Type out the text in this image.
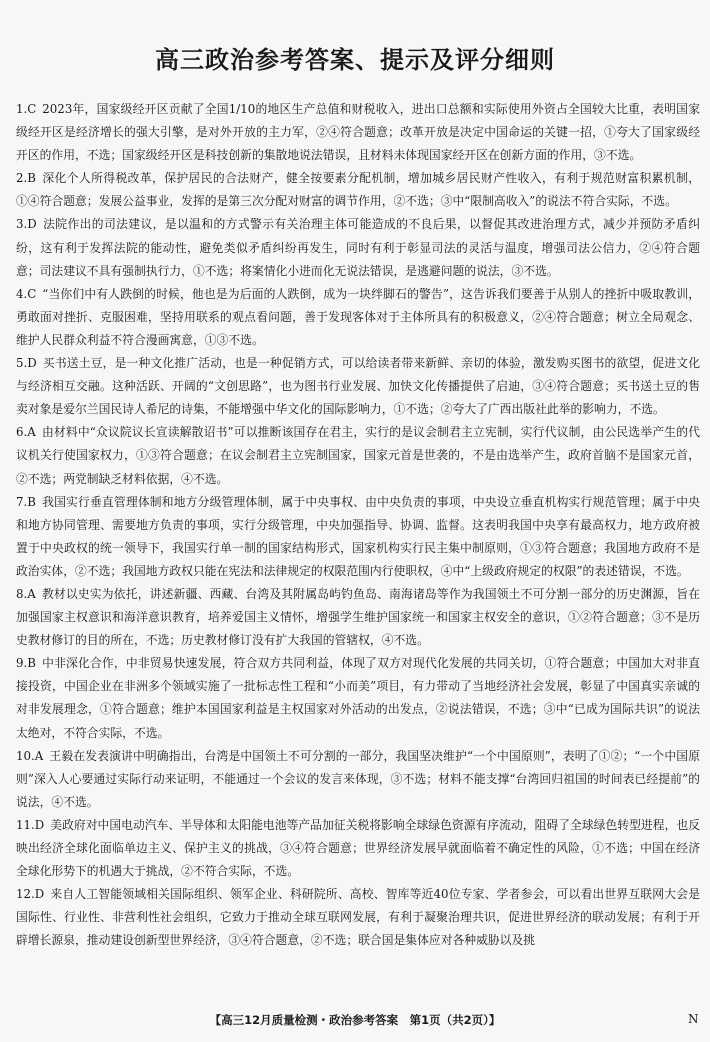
高三政治参考答案、提示及评分细则

1.C 2023年，国家级经开区贡献了全国1/10的地区生产总值和财税收入，进出口总额和实际使用外资占全国较大比重，表明国家级经开区是经济增长的强大引擎，是对外开放的主力军，②④符合题意；改革开放是决定中国命运的关键一招，①夸大了国家级经开区的作用，不选；国家级经开区是科技创新的集散地说法错误，且材料未体现国家经开区在创新方面的作用，③不选。

2.B 深化个人所得税改革，保护居民的合法财产，健全按要素分配机制，增加城乡居民财产性收入，有利于规范财富积累机制，①④符合题意；发展公益事业，发挥的是第三次分配对财富的调节作用，②不选；③中“限制高收入”的说法不符合实际，不选。

3.D 法院作出的司法建议，是以温和的方式警示有关治理主体可能造成的不良后果，以督促其改进治理方式，减少并预防矛盾纠纷，这有利于发挥法院的能动性，避免类似矛盾纠纷再发生，同时有利于彰显司法的灵活与温度，增强司法公信力，②④符合题意；司法建议不具有强制执行力，①不选；将案情化小进而化无说法错误，是逃避问题的说法，③不选。

4.C “当你们中有人跌倒的时候，他也是为后面的人跌倒，成为一块绊脚石的警告”，这告诉我们要善于从别人的挫折中吸取教训，勇敢面对挫折、克服困难，坚持用联系的观点看问题，善于发现客体对于主体所具有的积极意义，②④符合题意；树立全局观念、维护人民群众利益不符合漫画寓意，①③不选。

5.D 买书送土豆，是一种文化推广活动，也是一种促销方式，可以给读者带来新鲜、亲切的体验，激发购买图书的欲望，促进文化与经济相互交融。这种活跃、开阔的“文创思路”，也为图书行业发展、加快文化传播提供了启迪，③④符合题意；买书送土豆的售卖对象是爱尔兰国民诗人希尼的诗集，不能增强中华文化的国际影响力，①不选；②夸大了广西出版社此举的影响力，不选。

6.A 由材料中“众议院议长宣读解散诏书”可以推断该国存在君主，实行的是议会制君主立宪制，实行代议制，由公民选举产生的代议机关行使国家权力，①③符合题意；在议会制君主立宪制国家，国家元首是世袭的，不是由选举产生，政府首脑不是国家元首，②不选；两党制缺乏材料依据，④不选。

7.B 我国实行垂直管理体制和地方分级管理体制，属于中央事权、由中央负责的事项，中央设立垂直机构实行规范管理；属于中央和地方协同管理、需要地方负责的事项，实行分级管理，中央加强指导、协调、监督。这表明我国中央享有最高权力，地方政府被置于中央政权的统一领导下，我国实行单一制的国家结构形式，国家机构实行民主集中制原则，①③符合题意；我国地方政府不是政治实体，②不选；我国地方政权只能在宪法和法律规定的权限范围内行使职权，④中“上级政府规定的权限”的表述错误，不选。

8.A 教材以史实为依托，讲述新疆、西藏、台湾及其附属岛屿钓鱼岛、南海诸岛等作为我国领土不可分割一部分的历史渊源，旨在加强国家主权意识和海洋意识教育，培养爱国主义情怀，增强学生维护国家统一和国家主权安全的意识，①②符合题意；③不是历史教材修订的目的所在，不选；历史教材修订没有扩大我国的管辖权，④不选。

9.B 中非深化合作，中非贸易快速发展，符合双方共同利益，体现了双方对现代化发展的共同关切，①符合题意；中国加大对非直接投资，中国企业在非洲多个领域实施了一批标志性工程和“小而美”项目，有力带动了当地经济社会发展，彰显了中国真实亲诚的对非发展理念，①符合题意；维护本国国家利益是主权国家对外活动的出发点，②说法错误，不选；③中“已成为国际共识”的说法太绝对，不符合实际，不选。

10.A 王毅在发表演讲中明确指出，台湾是中国领土不可分割的一部分，我国坚决维护“一个中国原则”，表明了①②；“一个中国原则”深入人心要通过实际行动来证明，不能通过一个会议的发言来体现，③不选；材料不能支撑“台湾回归祖国的时间表已经提前”的说法，④不选。

11.D 美政府对中国电动汽车、半导体和太阳能电池等产品加征关税将影响全球绿色资源有序流动，阻碍了全球绿色转型进程，也反映出经济全球化面临单边主义、保护主义的挑战，③④符合题意；世界经济发展早就面临着不确定性的风险，①不选；中国在经济全球化形势下的机遇大于挑战，②不符合实际，不选。

12.D 来自人工智能领域相关国际组织、领军企业、科研院所、高校、智库等近40位专家、学者参会，可以看出世界互联网大会是国际性、行业性、非营利性社会组织，它致力于推动全球互联网发展，有利于凝聚治理共识，促进世界经济的联动发展；有利于开辟增长源泉，推动建设创新型世界经济，③④符合题意，②不选；联合国是集体应对各种威胁以及挑

【高三12月质量检测・政治参考答案　第1页（共2页）】	N
